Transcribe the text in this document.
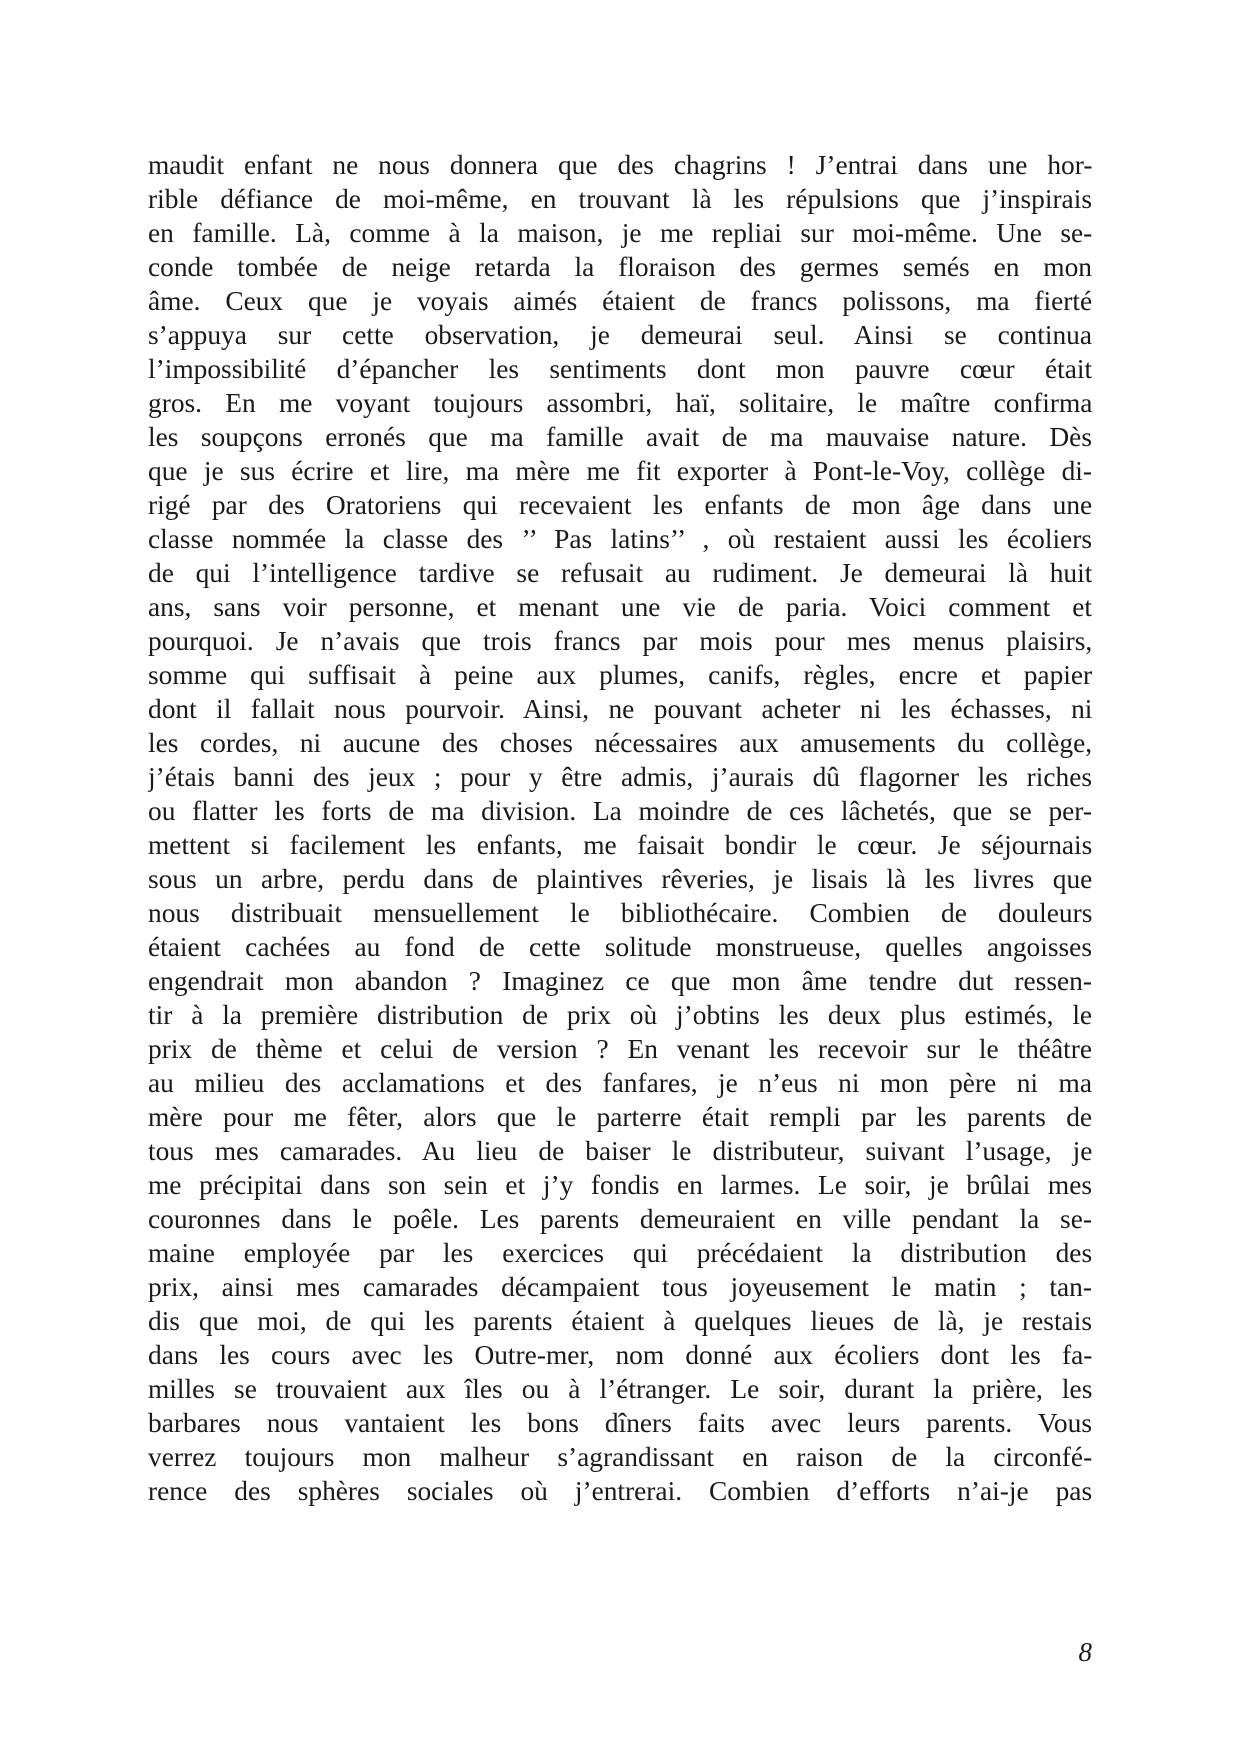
maudit enfant ne nous donnera que des chagrins ! J’entrai dans une hor-
rible défiance de moi-même, en trouvant là les répulsions que j’inspirais
en famille. Là, comme à la maison, je me repliai sur moi-même. Une se-
conde tombée de neige retarda la floraison des germes semés en mon
âme. Ceux que je voyais aimés étaient de francs polissons, ma fierté
s’appuya sur cette observation, je demeurai seul. Ainsi se continua
l’impossibilité d’épancher les sentiments dont mon pauvre cœur était
gros. En me voyant toujours assombri, haï, solitaire, le maître confirma
les soupçons erronés que ma famille avait de ma mauvaise nature. Dès
que je sus écrire et lire, ma mère me fit exporter à Pont-le-Voy, collège di-
rigé par des Oratoriens qui recevaient les enfants de mon âge dans une
classe nommée la classe des ’’ Pas latins’’ , où restaient aussi les écoliers
de qui l’intelligence tardive se refusait au rudiment. Je demeurai là huit
ans, sans voir personne, et menant une vie de paria. Voici comment et
pourquoi. Je n’avais que trois francs par mois pour mes menus plaisirs,
somme qui suffisait à peine aux plumes, canifs, règles, encre et papier
dont il fallait nous pourvoir. Ainsi, ne pouvant acheter ni les échasses, ni
les cordes, ni aucune des choses nécessaires aux amusements du collège,
j’étais banni des jeux ; pour y être admis, j’aurais dû flagorner les riches
ou flatter les forts de ma division. La moindre de ces lâchetés, que se per-
mettent si facilement les enfants, me faisait bondir le cœur. Je séjournais
sous un arbre, perdu dans de plaintives rêveries, je lisais là les livres que
nous distribuait mensuellement le bibliothécaire. Combien de douleurs
étaient cachées au fond de cette solitude monstrueuse, quelles angoisses
engendrait mon abandon ? Imaginez ce que mon âme tendre dut ressen-
tir à la première distribution de prix où j’obtins les deux plus estimés, le
prix de thème et celui de version ? En venant les recevoir sur le théâtre
au milieu des acclamations et des fanfares, je n’eus ni mon père ni ma
mère pour me fêter, alors que le parterre était rempli par les parents de
tous mes camarades. Au lieu de baiser le distributeur, suivant l’usage, je
me précipitai dans son sein et j’y fondis en larmes. Le soir, je brûlai mes
couronnes dans le poêle. Les parents demeuraient en ville pendant la se-
maine employée par les exercices qui précédaient la distribution des
prix, ainsi mes camarades décampaient tous joyeusement le matin ; tan-
dis que moi, de qui les parents étaient à quelques lieues de là, je restais
dans les cours avec les Outre-mer, nom donné aux écoliers dont les fa-
milles se trouvaient aux îles ou à l’étranger. Le soir, durant la prière, les
barbares nous vantaient les bons dîners faits avec leurs parents. Vous
verrez toujours mon malheur s’agrandissant en raison de la circonfé-
rence des sphères sociales où j’entrerai. Combien d’efforts n’ai-je pas
8
